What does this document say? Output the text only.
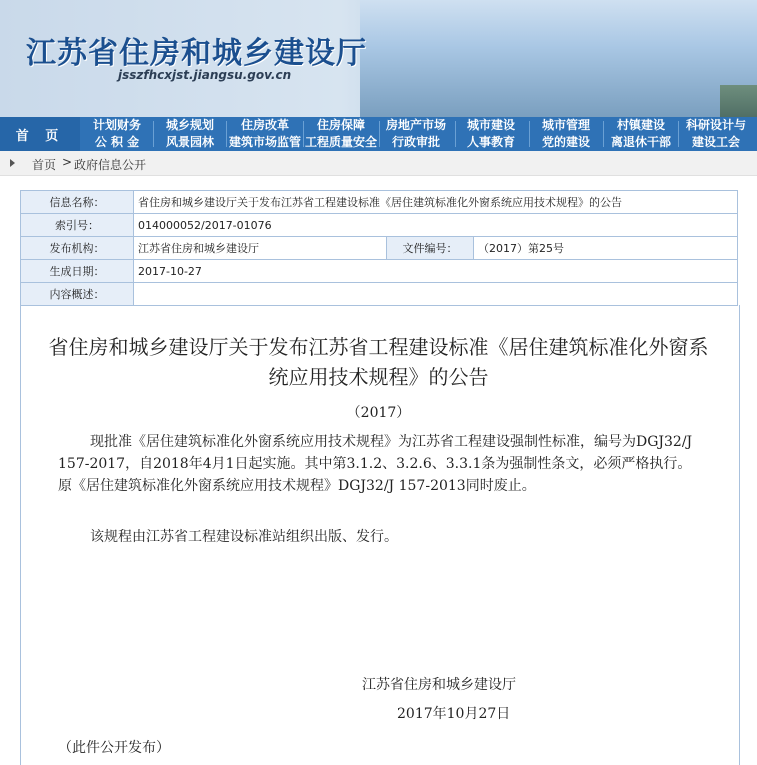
江苏省住房和城乡建设厅
jsszfhcxjst.jiangsu.gov.cn
首 页
计划财务
公 积 金
城乡规划
风景园林
住房改革
建筑市场监管
住房保障
工程质量安全
房地产市场
行政审批
城市建设
人事教育
城市管理
党的建设
村镇建设
离退休干部
科研设计与
建设工会
首页 > 政府信息公开
信息名称：	省住房和城乡建设厅关于发布江苏省工程建设标准《居住建筑标准化外窗系统应用技术规程》的公告		
索引号：	014000052/2017-01076		
发布机构：	江苏省住房和城乡建设厅	文件编号：	（2017）第25号
生成日期：	2017-10-27		
内容概述：			
省住房和城乡建设厅关于发布江苏省工程建设标准《居住建筑标准化外窗系统应用技术规程》的公告
（2017）
现批准《居住建筑标准化外窗系统应用技术规程》为江苏省工程建设强制性标准，编号为DGJ32/J 157-2017，自2018年4月1日起实施。其中第3.1.2、3.2.6、3.3.1条为强制性条文，必须严格执行。原《居住建筑标准化外窗系统应用技术规程》DGJ32/J 157-2013同时废止。
该规程由江苏省工程建设标准站组织出版、发行。
江苏省住房和城乡建设厅
2017年10月27日
（此件公开发布）
